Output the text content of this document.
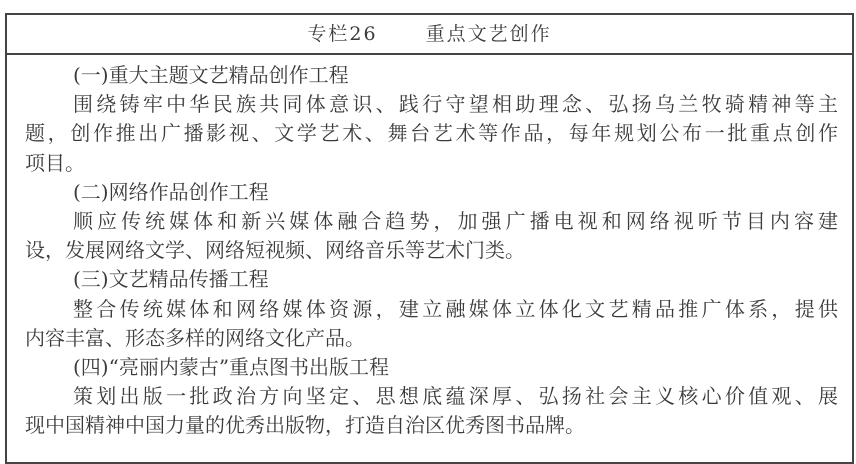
专栏26	重点文艺创作
(一)重大主题文艺精品创作工程
围绕铸牢中华民族共同体意识、践行守望相助理念、弘扬乌兰牧骑精神等主
题，创作推出广播影视、文学艺术、舞台艺术等作品，每年规划公布一批重点创作
项目。
(二)网络作品创作工程
顺应传统媒体和新兴媒体融合趋势，加强广播电视和网络视听节目内容建
设，发展网络文学、网络短视频、网络音乐等艺术门类。
(三)文艺精品传播工程
整合传统媒体和网络媒体资源，建立融媒体立体化文艺精品推广体系，提供
内容丰富、形态多样的网络文化产品。
(四)“亮丽内蒙古”重点图书出版工程
策划出版一批政治方向坚定、思想底蕴深厚、弘扬社会主义核心价值观、展
现中国精神中国力量的优秀出版物，打造自治区优秀图书品牌。
